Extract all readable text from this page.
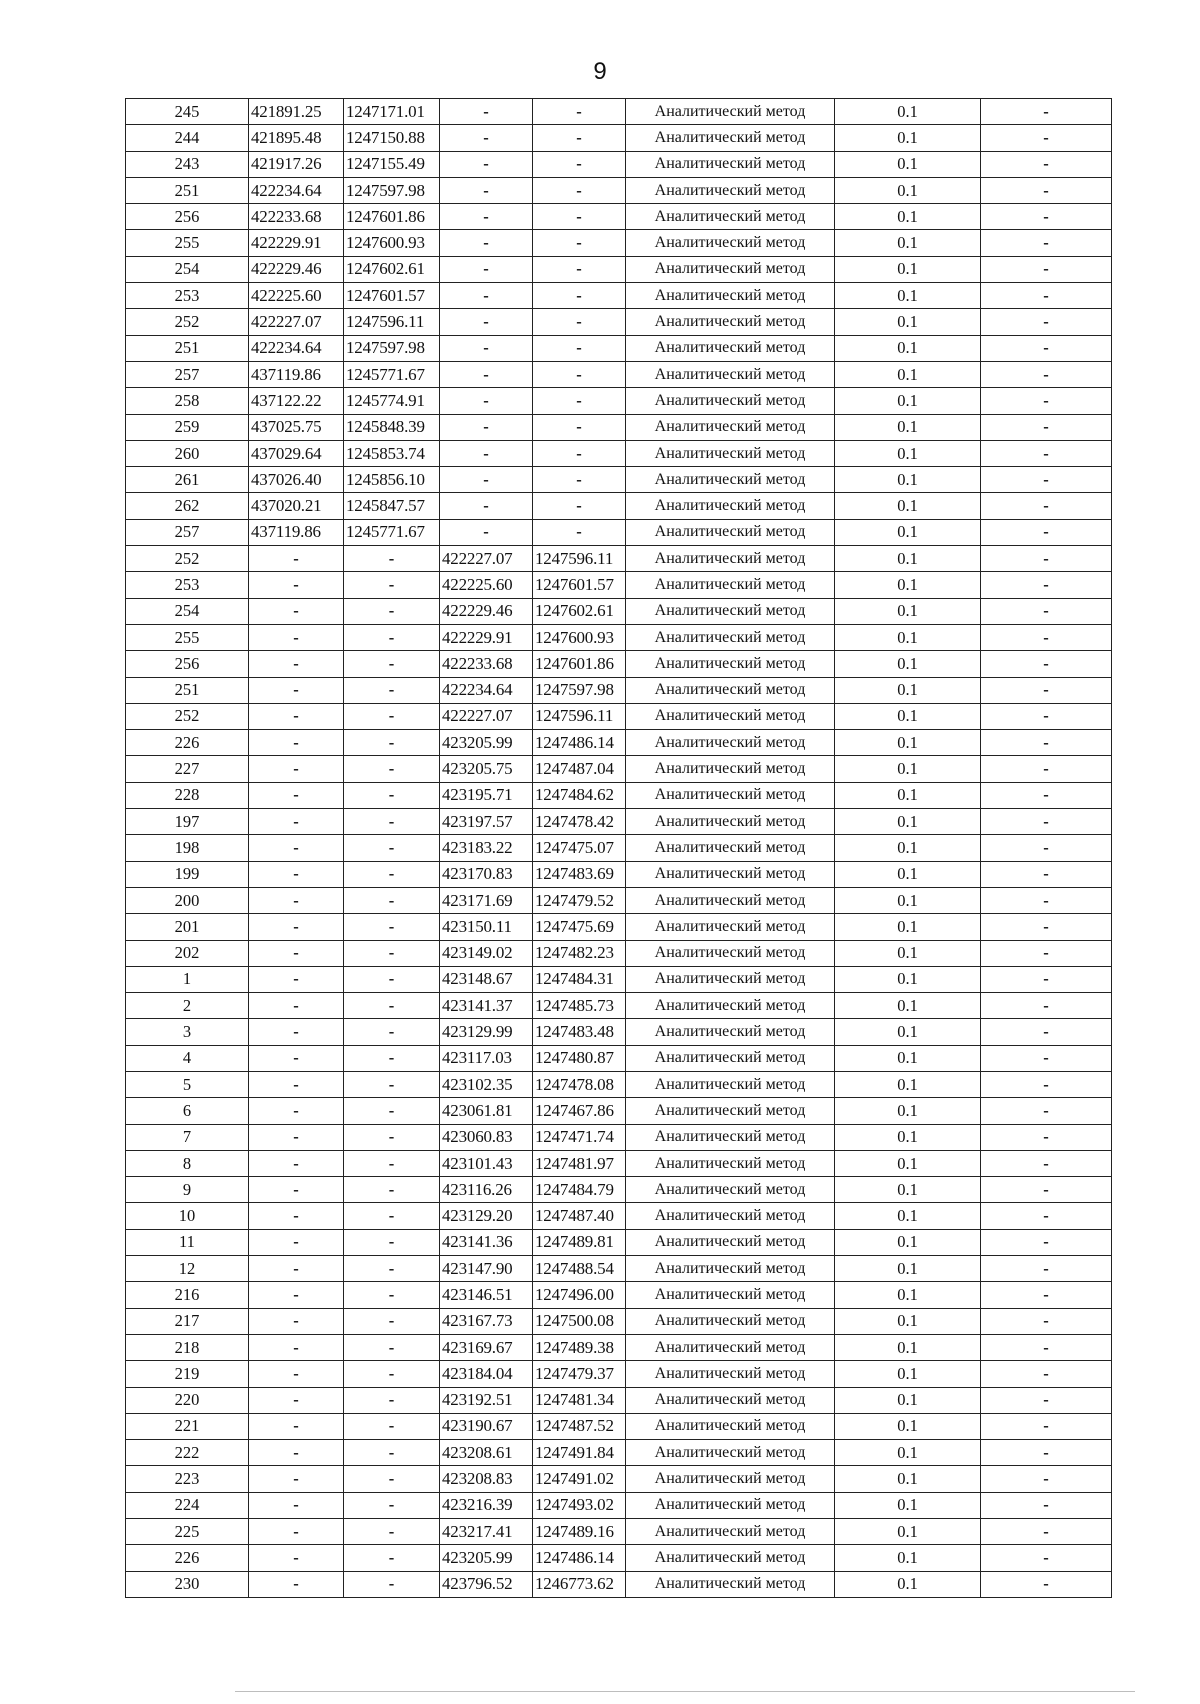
9
245	421891.25	1247171.01	-	-	Аналитический метод	0.1	-
244	421895.48	1247150.88	-	-	Аналитический метод	0.1	-
243	421917.26	1247155.49	-	-	Аналитический метод	0.1	-
251	422234.64	1247597.98	-	-	Аналитический метод	0.1	-
256	422233.68	1247601.86	-	-	Аналитический метод	0.1	-
255	422229.91	1247600.93	-	-	Аналитический метод	0.1	-
254	422229.46	1247602.61	-	-	Аналитический метод	0.1	-
253	422225.60	1247601.57	-	-	Аналитический метод	0.1	-
252	422227.07	1247596.11	-	-	Аналитический метод	0.1	-
251	422234.64	1247597.98	-	-	Аналитический метод	0.1	-
257	437119.86	1245771.67	-	-	Аналитический метод	0.1	-
258	437122.22	1245774.91	-	-	Аналитический метод	0.1	-
259	437025.75	1245848.39	-	-	Аналитический метод	0.1	-
260	437029.64	1245853.74	-	-	Аналитический метод	0.1	-
261	437026.40	1245856.10	-	-	Аналитический метод	0.1	-
262	437020.21	1245847.57	-	-	Аналитический метод	0.1	-
257	437119.86	1245771.67	-	-	Аналитический метод	0.1	-
252	-	-	422227.07	1247596.11	Аналитический метод	0.1	-
253	-	-	422225.60	1247601.57	Аналитический метод	0.1	-
254	-	-	422229.46	1247602.61	Аналитический метод	0.1	-
255	-	-	422229.91	1247600.93	Аналитический метод	0.1	-
256	-	-	422233.68	1247601.86	Аналитический метод	0.1	-
251	-	-	422234.64	1247597.98	Аналитический метод	0.1	-
252	-	-	422227.07	1247596.11	Аналитический метод	0.1	-
226	-	-	423205.99	1247486.14	Аналитический метод	0.1	-
227	-	-	423205.75	1247487.04	Аналитический метод	0.1	-
228	-	-	423195.71	1247484.62	Аналитический метод	0.1	-
197	-	-	423197.57	1247478.42	Аналитический метод	0.1	-
198	-	-	423183.22	1247475.07	Аналитический метод	0.1	-
199	-	-	423170.83	1247483.69	Аналитический метод	0.1	-
200	-	-	423171.69	1247479.52	Аналитический метод	0.1	-
201	-	-	423150.11	1247475.69	Аналитический метод	0.1	-
202	-	-	423149.02	1247482.23	Аналитический метод	0.1	-
1	-	-	423148.67	1247484.31	Аналитический метод	0.1	-
2	-	-	423141.37	1247485.73	Аналитический метод	0.1	-
3	-	-	423129.99	1247483.48	Аналитический метод	0.1	-
4	-	-	423117.03	1247480.87	Аналитический метод	0.1	-
5	-	-	423102.35	1247478.08	Аналитический метод	0.1	-
6	-	-	423061.81	1247467.86	Аналитический метод	0.1	-
7	-	-	423060.83	1247471.74	Аналитический метод	0.1	-
8	-	-	423101.43	1247481.97	Аналитический метод	0.1	-
9	-	-	423116.26	1247484.79	Аналитический метод	0.1	-
10	-	-	423129.20	1247487.40	Аналитический метод	0.1	-
11	-	-	423141.36	1247489.81	Аналитический метод	0.1	-
12	-	-	423147.90	1247488.54	Аналитический метод	0.1	-
216	-	-	423146.51	1247496.00	Аналитический метод	0.1	-
217	-	-	423167.73	1247500.08	Аналитический метод	0.1	-
218	-	-	423169.67	1247489.38	Аналитический метод	0.1	-
219	-	-	423184.04	1247479.37	Аналитический метод	0.1	-
220	-	-	423192.51	1247481.34	Аналитический метод	0.1	-
221	-	-	423190.67	1247487.52	Аналитический метод	0.1	-
222	-	-	423208.61	1247491.84	Аналитический метод	0.1	-
223	-	-	423208.83	1247491.02	Аналитический метод	0.1	-
224	-	-	423216.39	1247493.02	Аналитический метод	0.1	-
225	-	-	423217.41	1247489.16	Аналитический метод	0.1	-
226	-	-	423205.99	1247486.14	Аналитический метод	0.1	-
230	-	-	423796.52	1246773.62	Аналитический метод	0.1	-
